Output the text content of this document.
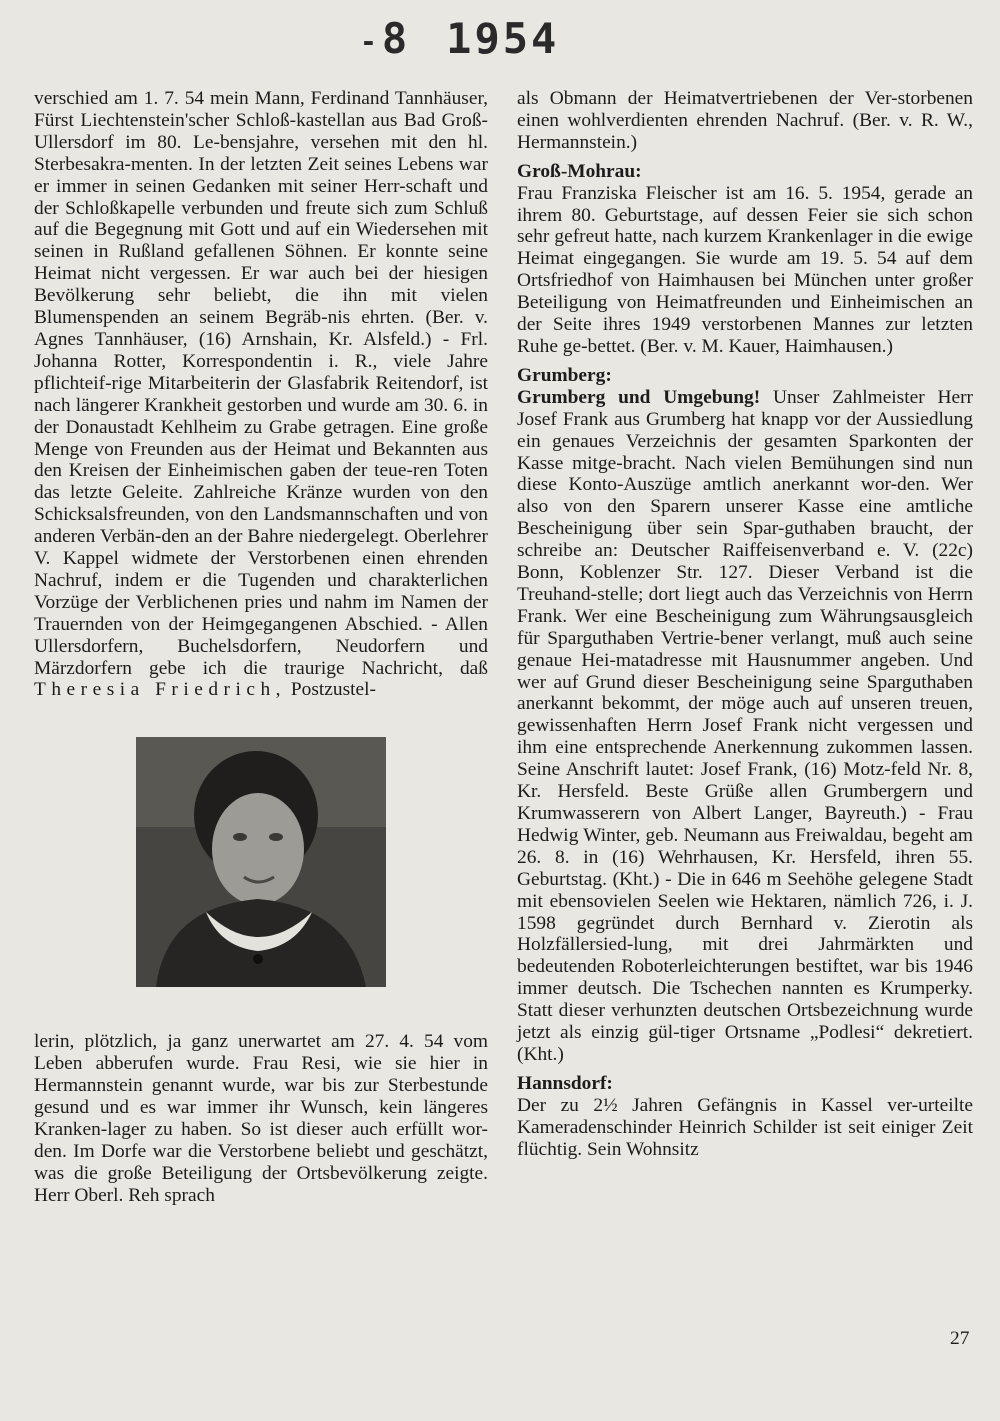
-8 1954

verschied am 1. 7. 54 mein Mann, Ferdinand Tannhäuser, Fürst Liechtenstein'scher Schloß-kastellan aus Bad Groß-Ullersdorf im 80. Le-bensjahre, versehen mit den hl. Sterbesakra-menten. In der letzten Zeit seines Lebens war er immer in seinen Gedanken mit seiner Herr-schaft und der Schloßkapelle verbunden und freute sich zum Schluß auf die Begegnung mit Gott und auf ein Wiedersehen mit seinen in Rußland gefallenen Söhnen. Er konnte seine Heimat nicht vergessen. Er war auch bei der hiesigen Bevölkerung sehr beliebt, die ihn mit vielen Blumenspenden an seinem Begräb-nis ehrten. (Ber. v. Agnes Tannhäuser, (16) Arnshain, Kr. Alsfeld.) - Frl. Johanna Rotter, Korrespondentin i. R., viele Jahre pflichteif-rige Mitarbeiterin der Glasfabrik Reitendorf, ist nach längerer Krankheit gestorben und wurde am 30. 6. in der Donaustadt Kehlheim zu Grabe getragen. Eine große Menge von Freunden aus der Heimat und Bekannten aus den Kreisen der Einheimischen gaben der teue-ren Toten das letzte Geleite. Zahlreiche Kränze wurden von den Schicksalsfreunden, von den Landsmannschaften und von anderen Verbän-den an der Bahre niedergelegt. Oberlehrer V. Kappel widmete der Verstorbenen einen ehrenden Nachruf, indem er die Tugenden und charakterlichen Vorzüge der Verblichenen pries und nahm im Namen der Trauernden von der Heimgegangenen Abschied. - Allen Ullersdorfern, Buchelsdorfern, Neudorfern und Märzdorfern gebe ich die traurige Nachricht, daß Theresia Friedrich, Postzustel-

lerin, plötzlich, ja ganz unerwartet am 27. 4. 54 vom Leben abberufen wurde. Frau Resi, wie sie hier in Hermannstein genannt wurde, war bis zur Sterbestunde gesund und es war immer ihr Wunsch, kein längeres Kranken-lager zu haben. So ist dieser auch erfüllt wor-den. Im Dorfe war die Verstorbene beliebt und geschätzt, was die große Beteiligung der Ortsbevölkerung zeigte. Herr Oberl. Reh sprach

als Obmann der Heimatvertriebenen der Ver-storbenen einen wohlverdienten ehrenden Nachruf. (Ber. v. R. W., Hermannstein.)

Groß-Mohrau:

Frau Franziska Fleischer ist am 16. 5. 1954, gerade an ihrem 80. Geburtstage, auf dessen Feier sie sich schon sehr gefreut hatte, nach kurzem Krankenlager in die ewige Heimat eingegangen. Sie wurde am 19. 5. 54 auf dem Ortsfriedhof von Haimhausen bei München unter großer Beteiligung von Heimatfreunden und Einheimischen an der Seite ihres 1949 verstorbenen Mannes zur letzten Ruhe ge-bettet. (Ber. v. M. Kauer, Haimhausen.)

Grumberg:

Grumberg und Umgebung! Unser Zahlmeister Herr Josef Frank aus Grumberg hat knapp vor der Aussiedlung ein genaues Verzeichnis der gesamten Sparkonten der Kasse mitge-bracht. Nach vielen Bemühungen sind nun diese Konto-Auszüge amtlich anerkannt wor-den. Wer also von den Sparern unserer Kasse eine amtliche Bescheinigung über sein Spar-guthaben braucht, der schreibe an: Deutscher Raiffeisenverband e. V. (22c) Bonn, Koblenzer Str. 127. Dieser Verband ist die Treuhand-stelle; dort liegt auch das Verzeichnis von Herrn Frank. Wer eine Bescheinigung zum Währungsausgleich für Sparguthaben Vertrie-bener verlangt, muß auch seine genaue Hei-matadresse mit Hausnummer angeben. Und wer auf Grund dieser Bescheinigung seine Sparguthaben anerkannt bekommt, der möge auch auf unseren treuen, gewissenhaften Herrn Josef Frank nicht vergessen und ihm eine entsprechende Anerkennung zukommen lassen. Seine Anschrift lautet: Josef Frank, (16) Motz-feld Nr. 8, Kr. Hersfeld. Beste Grüße allen Grumbergern und Krumwasserern von Albert Langer, Bayreuth.) - Frau Hedwig Winter, geb. Neumann aus Freiwaldau, begeht am 26. 8. in (16) Wehrhausen, Kr. Hersfeld, ihren 55. Geburtstag. (Kht.) - Die in 646 m Seehöhe gelegene Stadt mit ebensovielen Seelen wie Hektaren, nämlich 726, i. J. 1598 gegründet durch Bernhard v. Zierotin als Holzfällersied-lung, mit drei Jahrmärkten und bedeutenden Roboterleichterungen bestiftet, war bis 1946 immer deutsch. Die Tschechen nannten es Krumperky. Statt dieser verhunzten deutschen Ortsbezeichnung wurde jetzt als einzig gül-tiger Ortsname „Podlesi“ dekretiert. (Kht.)

Hannsdorf:

Der zu 2½ Jahren Gefängnis in Kassel ver-urteilte Kameradenschinder Heinrich Schilder ist seit einiger Zeit flüchtig. Sein Wohnsitz

27
